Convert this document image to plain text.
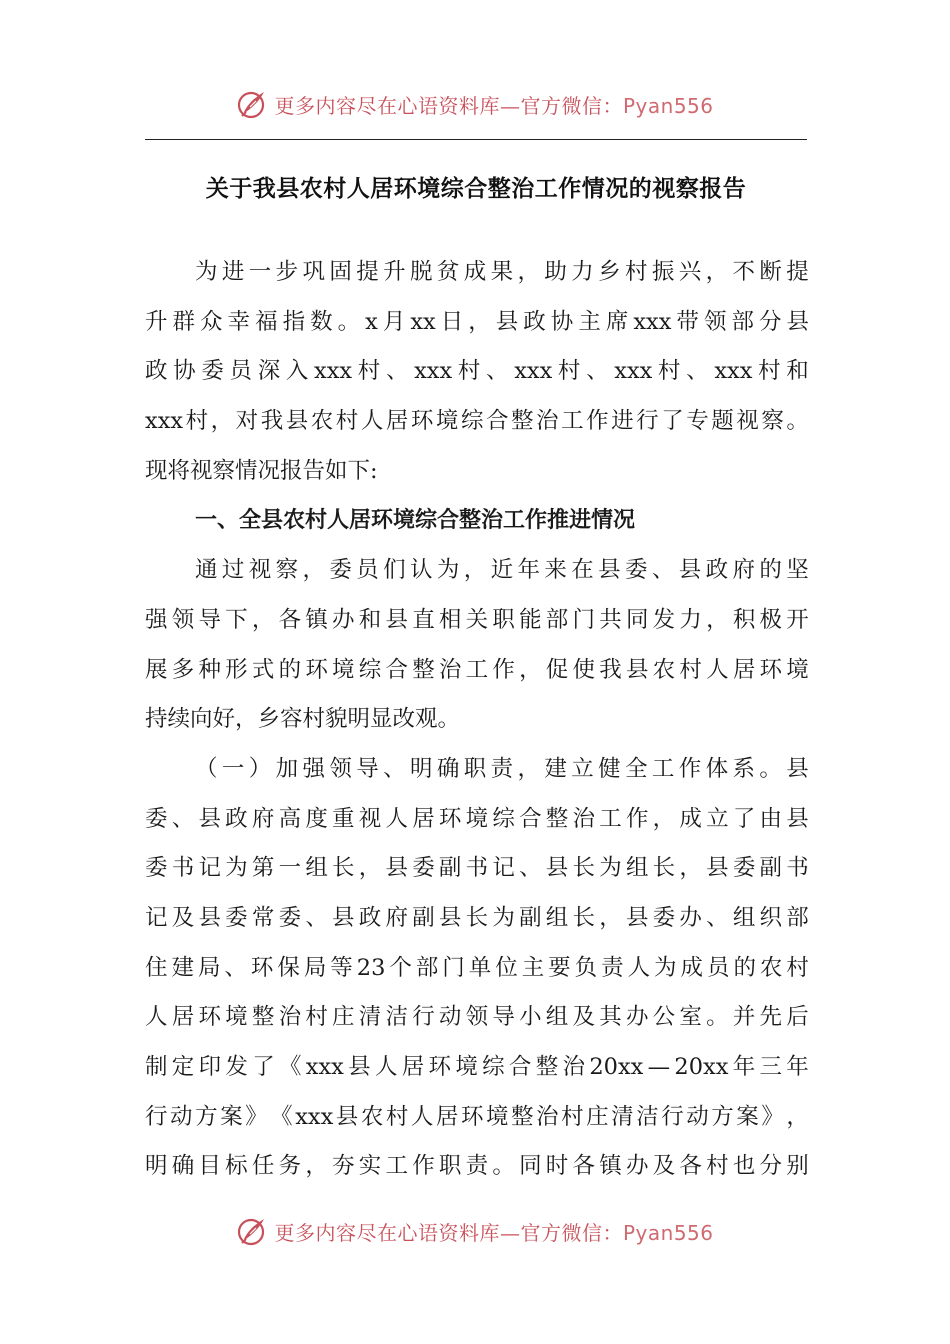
更多内容尽在心语资料库—官方微信：Pyan556
关于我县农村人居环境综合整治工作情况的视察报告
为 进 一 步 巩 固 提 升 脱 贫 成 果 ， 助 力 乡 村 振 兴 ， 不 断 提
升 群 众 幸 福 指 数 。 x 月 xx 日 ， 县 政 协 主 席 xxx 带 领 部 分 县
政 协 委 员 深 入 xxx 村 、 xxx 村 、 xxx 村 、 xxx 村 、 xxx 村 和
xxx 村 ， 对 我 县 农 村 人 居 环 境 综 合 整 治 工 作 进 行 了 专 题 视 察 。
现将视察情况报告如下:
一、全县农村人居环境综合整治工作推进情况
通 过 视 察 ， 委 员 们 认 为 ， 近 年 来 在 县 委 、 县 政 府 的 坚
强 领 导 下 ， 各 镇 办 和 县 直 相 关 职 能 部 门 共 同 发 力 ， 积 极 开
展 多 种 形 式 的 环 境 综 合 整 治 工 作 ， 促 使 我 县 农 村 人 居 环 境
持续向好，乡容村貌明显改观。
（ 一 ） 加 强 领 导 、 明 确 职 责 ， 建 立 健 全 工 作 体 系 。 县
委 、 县 政 府 高 度 重 视 人 居 环 境 综 合 整 治 工 作 ， 成 立 了 由 县
委 书 记 为 第 一 组 长 ， 县 委 副 书 记 、 县 长 为 组 长 ， 县 委 副 书
记 及 县 委 常 委 、 县 政 府 副 县 长 为 副 组 长 ， 县 委 办 、 组 织 部
住 建 局 、 环 保 局 等 23 个 部 门 单 位 主 要 负 责 人 为 成 员 的 农 村
人 居 环 境 整 治 村 庄 清 洁 行 动 领 导 小 组 及 其 办 公 室 。 并 先 后
制 定 印 发 了 《 xxx 县 人 居 环 境 综 合 整 治 20xx — 20xx 年 三 年
行 动 方 案 》 《 xxx 县 农 村 人 居 环 境 整 治 村 庄 清 洁 行 动 方 案 》 ，
明 确 目 标 任 务 ， 夯 实 工 作 职 责 。 同 时 各 镇 办 及 各 村 也 分 别
更多内容尽在心语资料库—官方微信：Pyan556
